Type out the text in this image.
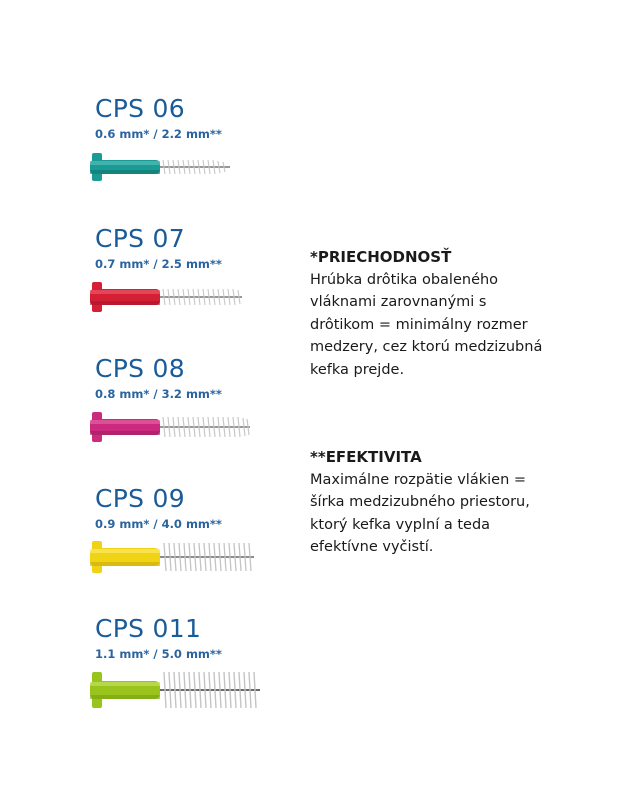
CPS 06
0.6 mm* / 2.2 mm**
CPS 07
0.7 mm* / 2.5 mm**
CPS 08
0.8 mm* / 3.2 mm**
CPS 09
0.9 mm* / 4.0 mm**
CPS 011
1.1 mm* / 5.0 mm**
*PRIECHODNOSŤ
Hrúbka drôtika obaleného
vláknami zarovnanými s
drôtikom = minimálny rozmer
medzery, cez ktorú medzizubná
kefka prejde.
**EFEKTIVITA
Maximálne rozpätie vlákien =
šírka medzizubného priestoru,
ktorý kefka vyplní a teda
efektívne vyčistí.
